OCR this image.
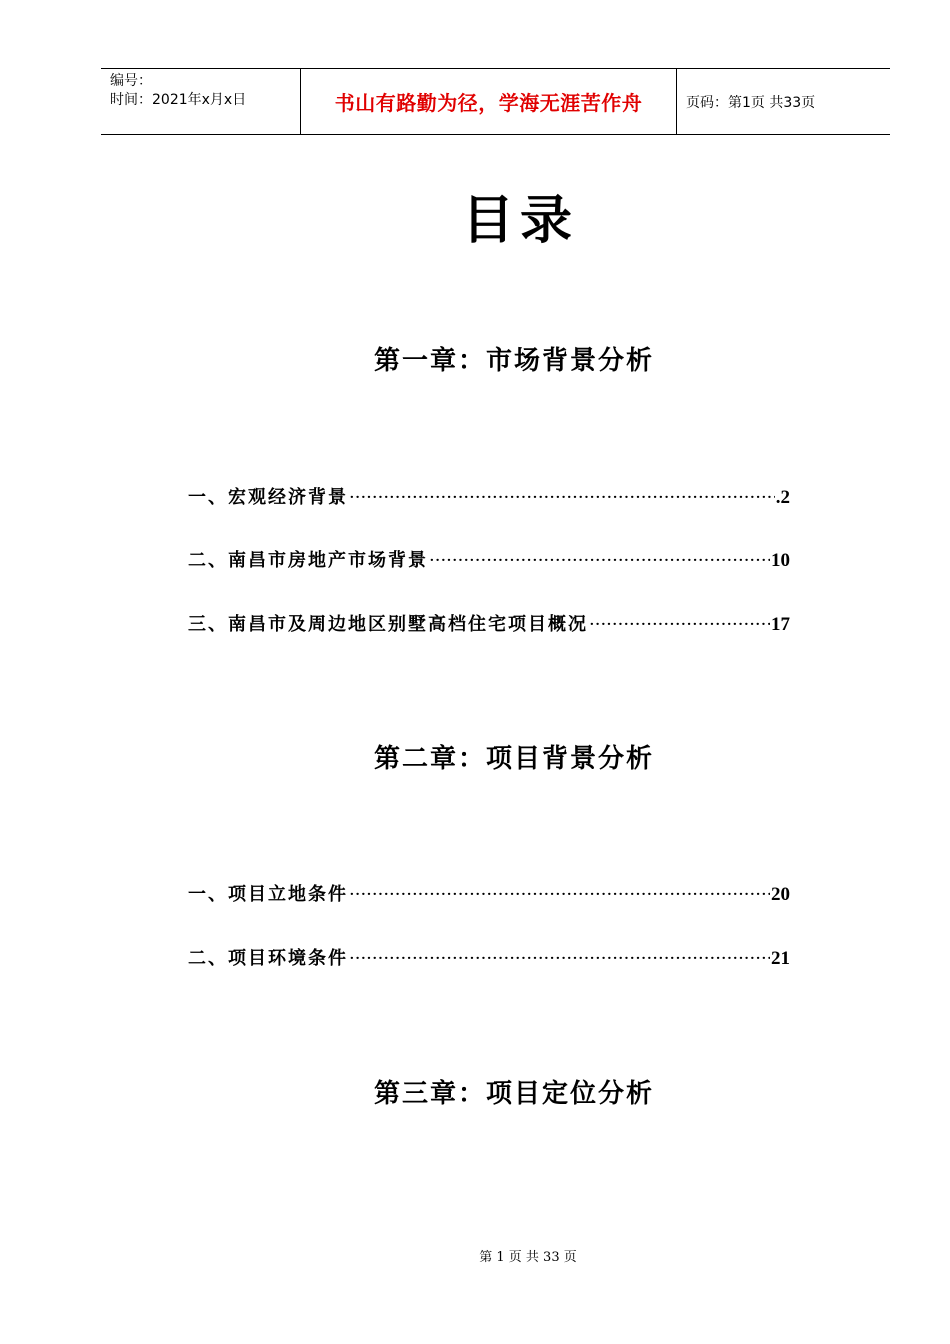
编号：
时间：2021年x月x日	书山有路勤为径，学海无涯苦作舟	页码：第1页 共33页
目录
第一章：市场背景分析
一、 宏观经济背景 ·····	.2
二、 南昌市房地产市场背景 ·····	10
三、 南昌市及周边地区别墅高档住宅项目概况 ·····	17
第二章：项目背景分析
一、 项目立地条件 ·····	20
二、 项目环境条件 ·····	21
第三章：项目定位分析
第 1 页 共 33 页
